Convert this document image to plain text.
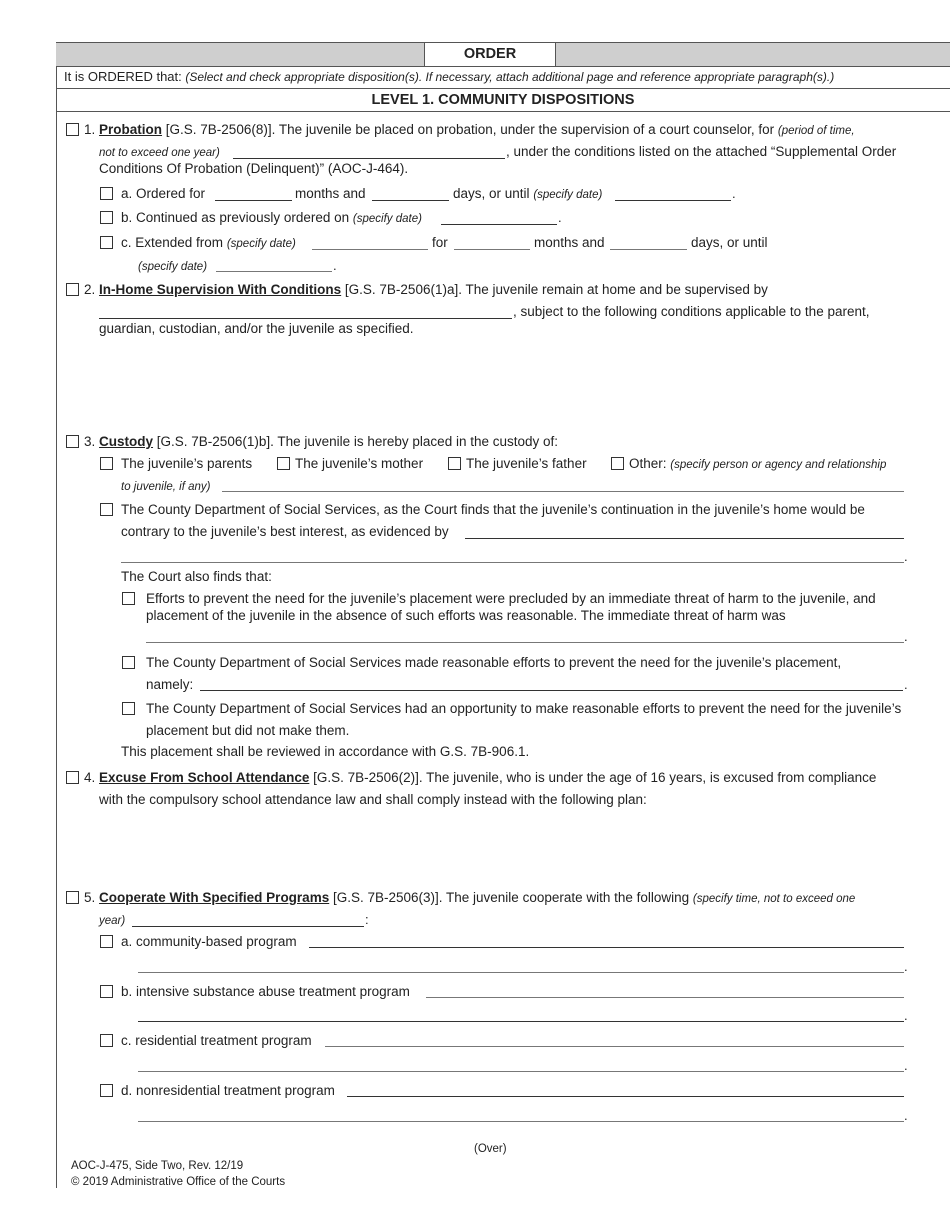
ORDER
It is ORDERED that: (Select and check appropriate disposition(s). If necessary, attach additional page and reference appropriate paragraph(s).)
LEVEL 1. COMMUNITY DISPOSITIONS
1. Probation [G.S. 7B-2506(8)]. The juvenile be placed on probation, under the supervision of a court counselor, for (period of time,
not to exceed one year)	, under the conditions listed on the attached “Supplemental Order
Conditions Of Probation (Delinquent)” (AOC-J-464).
a. Ordered for	months and	days, or until (specify date)	.
b. Continued as previously ordered on (specify date)	.
c. Extended from (specify date)	for	months and	days, or until
(specify date)	.
2. In-Home Supervision With Conditions [G.S. 7B-2506(1)a]. The juvenile remain at home and be supervised by
, subject to the following conditions applicable to the parent,
guardian, custodian, and/or the juvenile as specified.
3. Custody [G.S. 7B-2506(1)b]. The juvenile is hereby placed in the custody of:
The juvenile’s parents	The juvenile’s mother	The juvenile’s father	Other: (specify person or agency and relationship
to juvenile, if any)
The County Department of Social Services, as the Court finds that the juvenile’s continuation in the juvenile’s home would be
contrary to the juvenile’s best interest, as evidenced by
.
The Court also finds that:
Efforts to prevent the need for the juvenile’s placement were precluded by an immediate threat of harm to the juvenile, and
placement of the juvenile in the absence of such efforts was reasonable. The immediate threat of harm was
.
The County Department of Social Services made reasonable efforts to prevent the need for the juvenile’s placement,
namely:	.
The County Department of Social Services had an opportunity to make reasonable efforts to prevent the need for the juvenile’s
placement but did not make them.
This placement shall be reviewed in accordance with G.S. 7B-906.1.
4. Excuse From School Attendance [G.S. 7B-2506(2)]. The juvenile, who is under the age of 16 years, is excused from compliance
with the compulsory school attendance law and shall comply instead with the following plan:
5. Cooperate With Specified Programs [G.S. 7B-2506(3)]. The juvenile cooperate with the following (specify time, not to exceed one
year)	:
a. community-based program
.
b. intensive substance abuse treatment program
.
c. residential treatment program
.
d. nonresidential treatment program
.
(Over)
AOC-J-475, Side Two, Rev. 12/19
© 2019 Administrative Office of the Courts
